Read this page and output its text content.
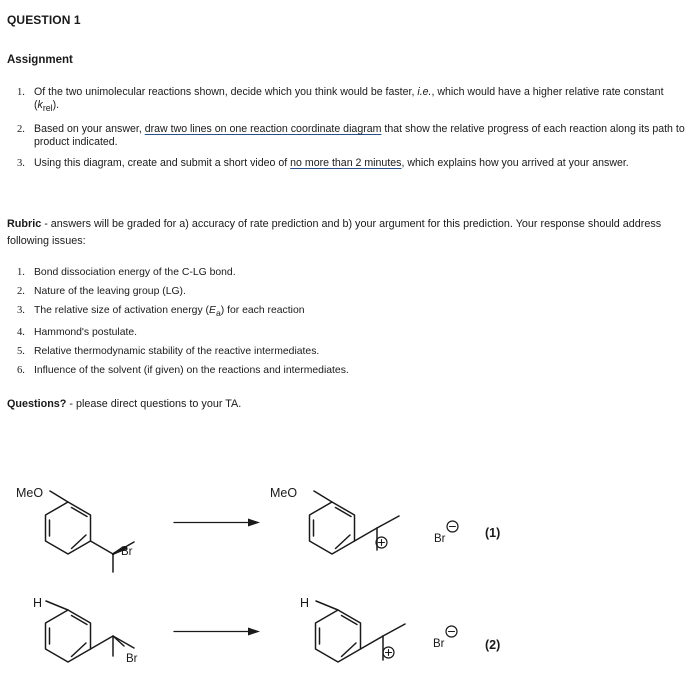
QUESTION 1
Assignment
1. Of the two unimolecular reactions shown, decide which you think would be faster, i.e., which would have a higher relative rate constant $(k_{rel})$.
2. Based on your answer, draw two lines on one reaction coordinate diagram that show the relative progress of each reaction along its path to product indicated.
3. Using this diagram, create and submit a short video of no more than 2 minutes, which explains how you arrived at your answer.
Rubric - answers will be graded for a) accuracy of rate prediction and b) your argument for this prediction. Your response should address following issues:
1. Bond dissociation energy of the C-LG bond.
2. Nature of the leaving group (LG).
3. The relative size of activation energy $(E_a)$ for each reaction
4. Hammond's postulate.
5. Relative thermodynamic stability of the reactive intermediates.
6. Influence of the solvent (if given) on the reactions and intermediates.
Questions? - please direct questions to your TA.
MeO
Br
MeO
Br	(1)
H
Br
H
Br	(2)
